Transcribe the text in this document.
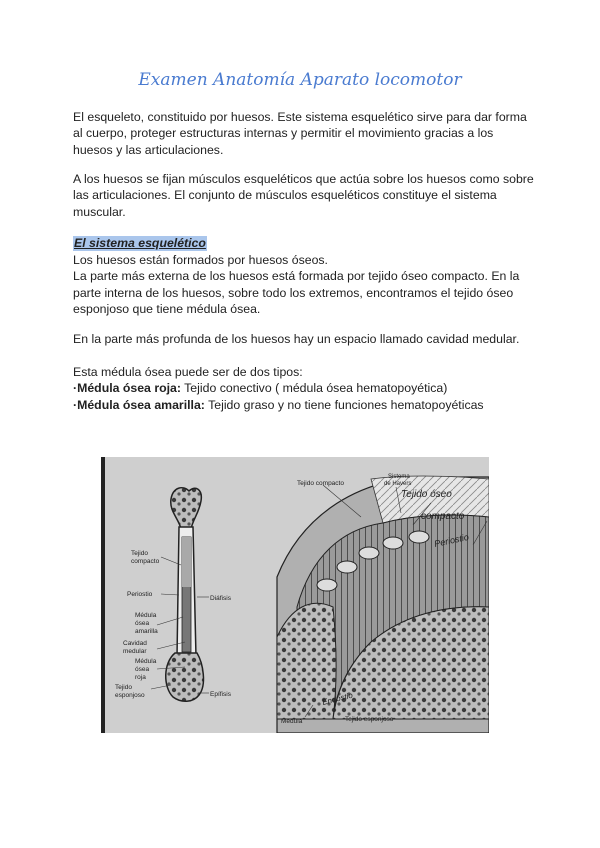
Examen Anatomía Aparato locomotor

El esqueleto, constituido por huesos. Este sistema esquelético sirve para dar forma
al cuerpo, proteger estructuras internas y permitir el movimiento gracias a los
huesos y las articulaciones.

A los huesos se fijan músculos esqueléticos que actúa sobre los huesos como sobre
las articulaciones. El conjunto de músculos esqueléticos constituye el sistema
muscular.

El sistema esquelético

Los huesos están formados por huesos óseos.
La parte más externa de los huesos está formada por tejido óseo compacto. En la
parte interna de los huesos, sobre todo los extremos, encontramos el tejido óseo
esponjoso que tiene médula ósea.

En la parte más profunda de los huesos hay un espacio llamado cavidad medular.

Esta médula ósea puede ser de dos tipos:
·Médula ósea roja: Tejido conectivo ( médula ósea hematopoyética)
·Médula ósea amarilla: Tejido graso y no tiene funciones hematopoyéticas

Tejido compacto
Periostio
Diáfisis
Médula ósea amarilla
Cavidad medular
Médula ósea roja
Tejido esponjoso	Epífisis
Tejido compacto
Sistema de Havers
Tejido óseo compacto
Periostio
Endostio
Médula	Tejido esponjoso
